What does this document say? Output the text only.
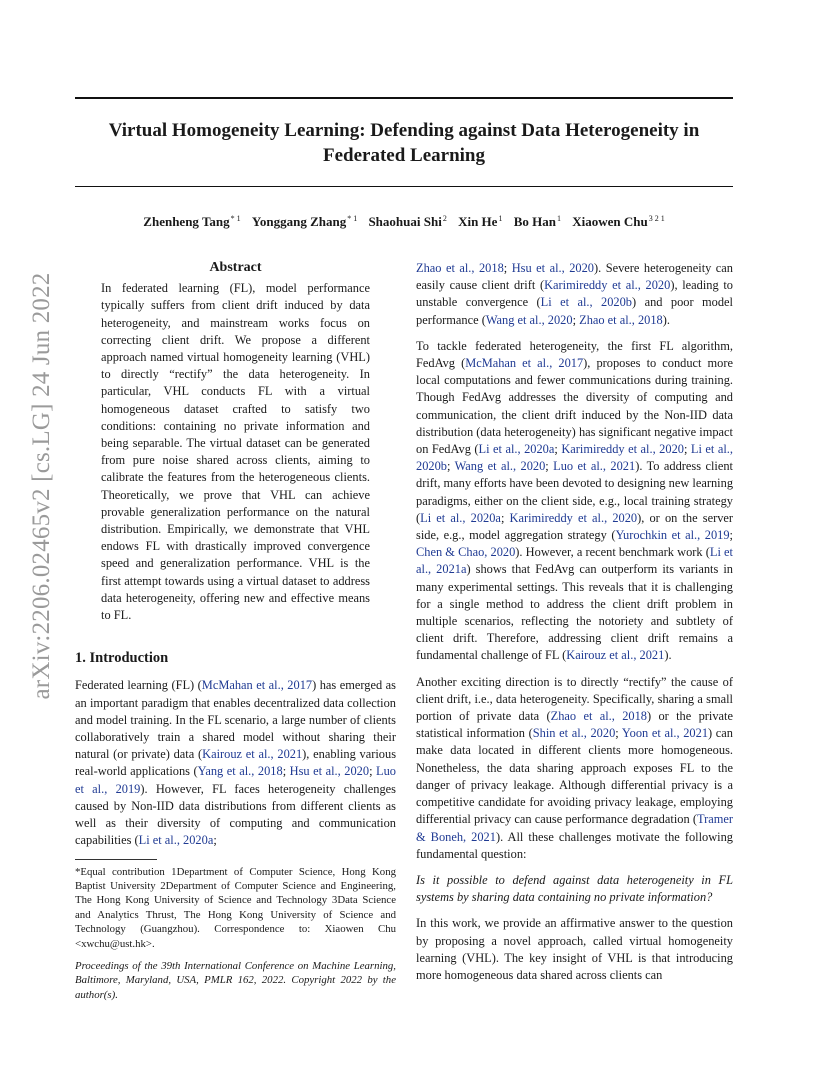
Virtual Homogeneity Learning: Defending against Data Heterogeneity in
Federated Learning
Zhenheng Tang$^{* 1}$ Yonggang Zhang$^{* 1}$ Shaohuai Shi$^2$ Xin He$^1$ Bo Han$^1$ Xiaowen Chu$^{3 2 1}$
arXiv:2206.02465v2 [cs.LG] 24 Jun 2022
Abstract

In federated learning (FL), model performance typically suffers from client drift induced by data heterogeneity, and mainstream works focus on correcting client drift. We propose a different approach named virtual homogeneity learning (VHL) to directly “rectify” the data heterogeneity. In particular, VHL conducts FL with a virtual homogeneous dataset crafted to satisfy two conditions: containing no private information and being separable. The virtual dataset can be generated from pure noise shared across clients, aiming to calibrate the features from the heterogeneous clients. Theoretically, we prove that VHL can achieve provable generalization performance on the natural distribution. Empirically, we demonstrate that VHL endows FL with drastically improved convergence speed and generalization performance. VHL is the first attempt towards using a virtual dataset to address data heterogeneity, offering new and effective means to FL.

1. Introduction

Federated learning (FL) (McMahan et al., 2017) has emerged as an important paradigm that enables decentralized data collection and model training. In the FL scenario, a large number of clients collaboratively train a shared model without sharing their natural (or private) data (Kairouz et al., 2021), enabling various real-world applications (Yang et al., 2018; Hsu et al., 2020; Luo et al., 2019). However, FL faces heterogeneity challenges caused by Non-IID data distributions from different clients as well as their diversity of computing and communication capabilities (Li et al., 2020a;

*Equal contribution 1Department of Computer Science, Hong Kong Baptist University 2Department of Computer Science and Engineering, The Hong Kong University of Science and Technology 3Data Science and Analytics Thrust, The Hong Kong University of Science and Technology (Guangzhou). Correspondence to: Xiaowen Chu <xwchu@ust.hk>.

Proceedings of the 39th International Conference on Machine Learning, Baltimore, Maryland, USA, PMLR 162, 2022. Copyright 2022 by the author(s).

Zhao et al., 2018; Hsu et al., 2020). Severe heterogeneity can easily cause client drift (Karimireddy et al., 2020), leading to unstable convergence (Li et al., 2020b) and poor model performance (Wang et al., 2020; Zhao et al., 2018).

To tackle federated heterogeneity, the first FL algorithm, FedAvg (McMahan et al., 2017), proposes to conduct more local computations and fewer communications during training. Though FedAvg addresses the diversity of computing and communication, the client drift induced by the Non-IID data distribution (data heterogeneity) has significant negative impact on FedAvg (Li et al., 2020a; Karimireddy et al., 2020; Li et al., 2020b; Wang et al., 2020; Luo et al., 2021). To address client drift, many efforts have been devoted to designing new learning paradigms, either on the client side, e.g., local training strategy (Li et al., 2020a; Karimireddy et al., 2020), or on the server side, e.g., model aggregation strategy (Yurochkin et al., 2019; Chen & Chao, 2020). However, a recent benchmark work (Li et al., 2021a) shows that FedAvg can outperform its variants in many experimental settings. This reveals that it is challenging for a single method to address the client drift problem in multiple scenarios, reflecting the notoriety and subtlety of client drift. Therefore, addressing client drift remains a fundamental challenge of FL (Kairouz et al., 2021).

Another exciting direction is to directly “rectify” the cause of client drift, i.e., data heterogeneity. Specifically, sharing a small portion of private data (Zhao et al., 2018) or the private statistical information (Shin et al., 2020; Yoon et al., 2021) can make data located in different clients more homogeneous. Nonetheless, the data sharing approach exposes FL to the danger of privacy leakage. Although differential privacy is a competitive candidate for avoiding privacy leakage, employing differential privacy can cause performance degradation (Tramer & Boneh, 2021). All these challenges motivate the following fundamental question:

Is it possible to defend against data heterogeneity in FL systems by sharing data containing no private information?

In this work, we provide an affirmative answer to the question by proposing a novel approach, called virtual homogeneity learning (VHL). The key insight of VHL is that introducing more homogeneous data shared across clients can
